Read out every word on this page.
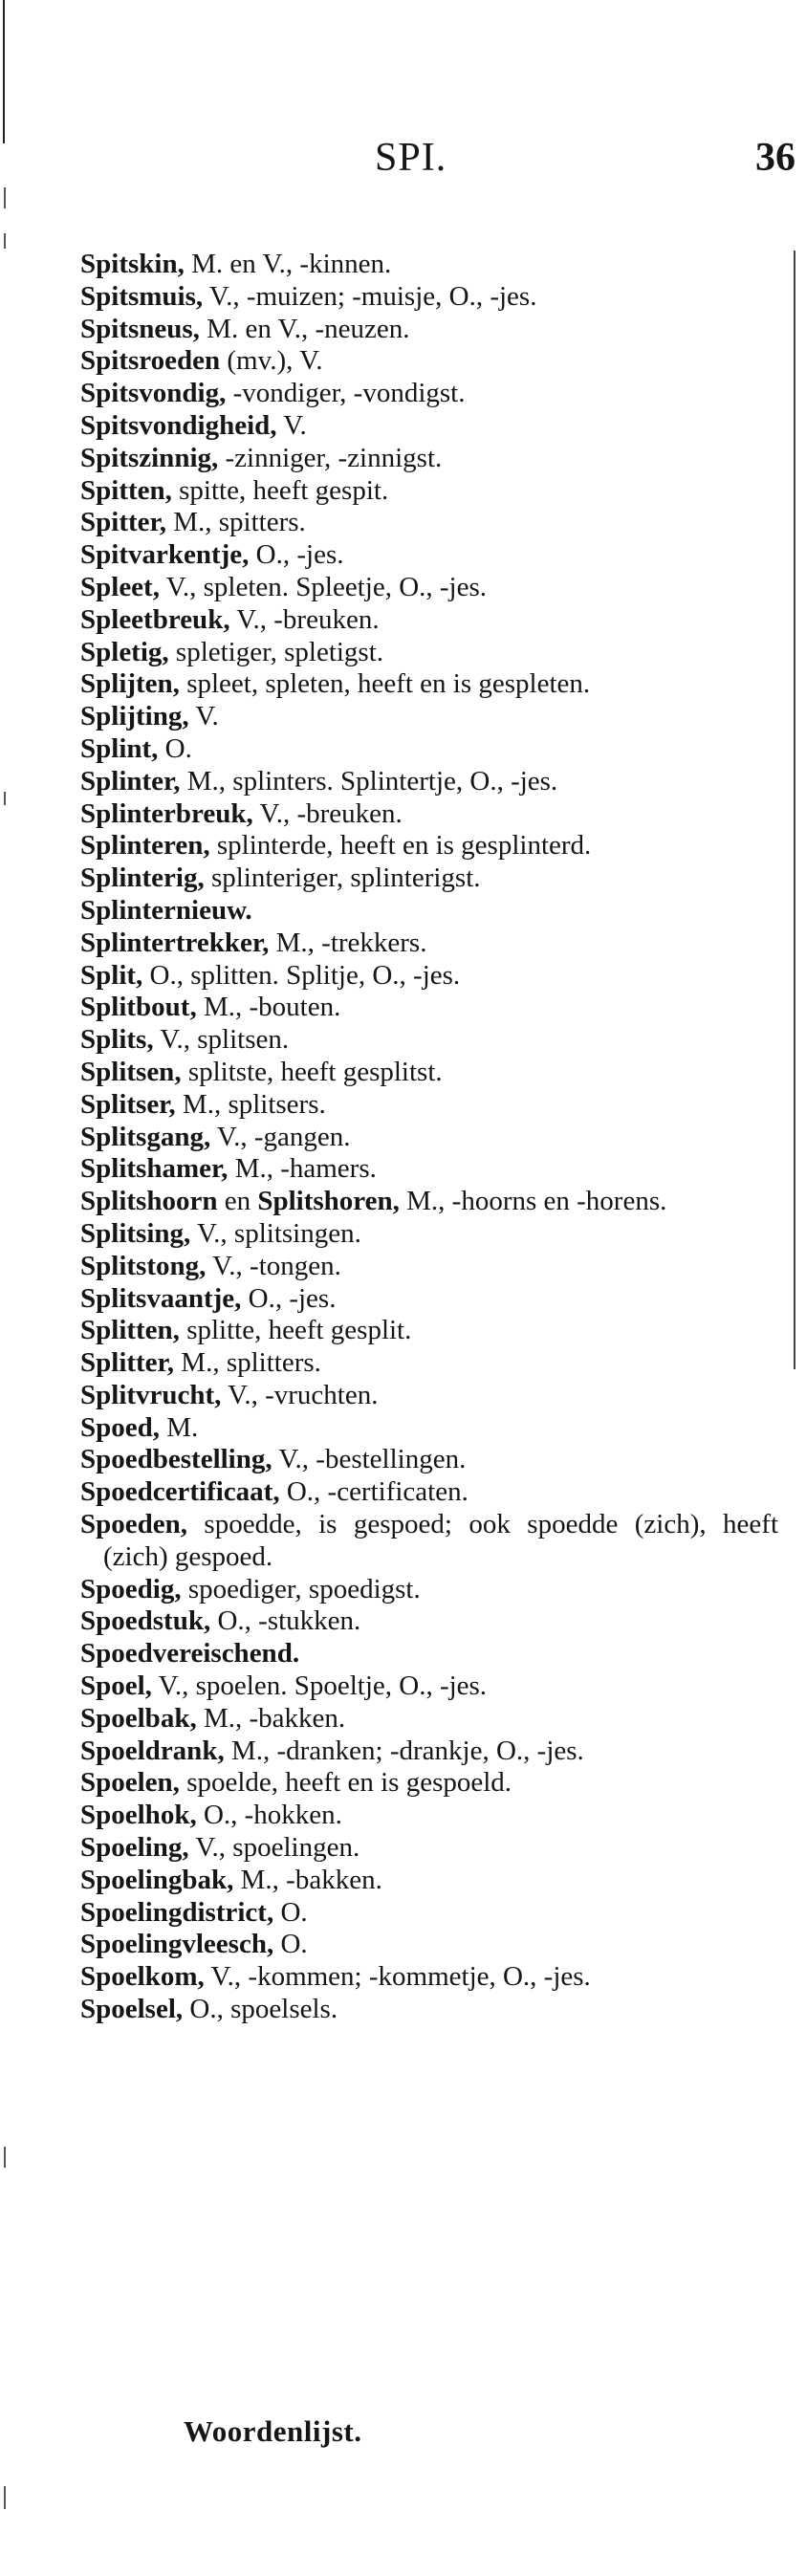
SPI.	36
Spitskin, M. en V., -kinnen.
Spitsmuis, V., -muizen; -muisje, O., -jes.
Spitsneus, M. en V., -neuzen.
Spitsroeden (mv.), V.
Spitsvondig, -vondiger, -vondigst.
Spitsvondigheid, V.
Spitszinnig, -zinniger, -zinnigst.
Spitten, spitte, heeft gespit.
Spitter, M., spitters.
Spitvarkentje, O., -jes.
Spleet, V., spleten. Spleetje, O., -jes.
Spleetbreuk, V., -breuken.
Spletig, spletiger, spletigst.
Splijten, spleet, spleten, heeft en is gespleten.
Splijting, V.
Splint, O.
Splinter, M., splinters. Splintertje, O., -jes.
Splinterbreuk, V., -breuken.
Splinteren, splinterde, heeft en is gesplinterd.
Splinterig, splinteriger, splinterigst.
Splinternieuw.
Splintertrekker, M., -trekkers.
Split, O., splitten. Splitje, O., -jes.
Splitbout, M., -bouten.
Splits, V., splitsen.
Splitsen, splitste, heeft gesplitst.
Splitser, M., splitsers.
Splitsgang, V., -gangen.
Splitshamer, M., -hamers.
Splitshoorn en Splitshoren, M., -hoorns en -horens.
Splitsing, V., splitsingen.
Splitstong, V., -tongen.
Splitsvaantje, O., -jes.
Splitten, splitte, heeft gesplit.
Splitter, M., splitters.
Splitvrucht, V., -vruchten.
Spoed, M.
Spoedbestelling, V., -bestellingen.
Spoedcertificaat, O., -certificaten.
Spoeden, spoedde, is gespoed; ook spoedde (zich), heeft (zich) gespoed.
Spoedig, spoediger, spoedigst.
Spoedstuk, O., -stukken.
Spoedvereischend.
Spoel, V., spoelen. Spoeltje, O., -jes.
Spoelbak, M., -bakken.
Spoeldrank, M., -dranken; -drankje, O., -jes.
Spoelen, spoelde, heeft en is gespoeld.
Spoelhok, O., -hokken.
Spoeling, V., spoelingen.
Spoelingbak, M., -bakken.
Spoelingdistrict, O.
Spoelingvleesch, O.
Spoelkom, V., -kommen; -kommetje, O., -jes.
Spoelsel, O., spoelsels.
Woordenlijst.
